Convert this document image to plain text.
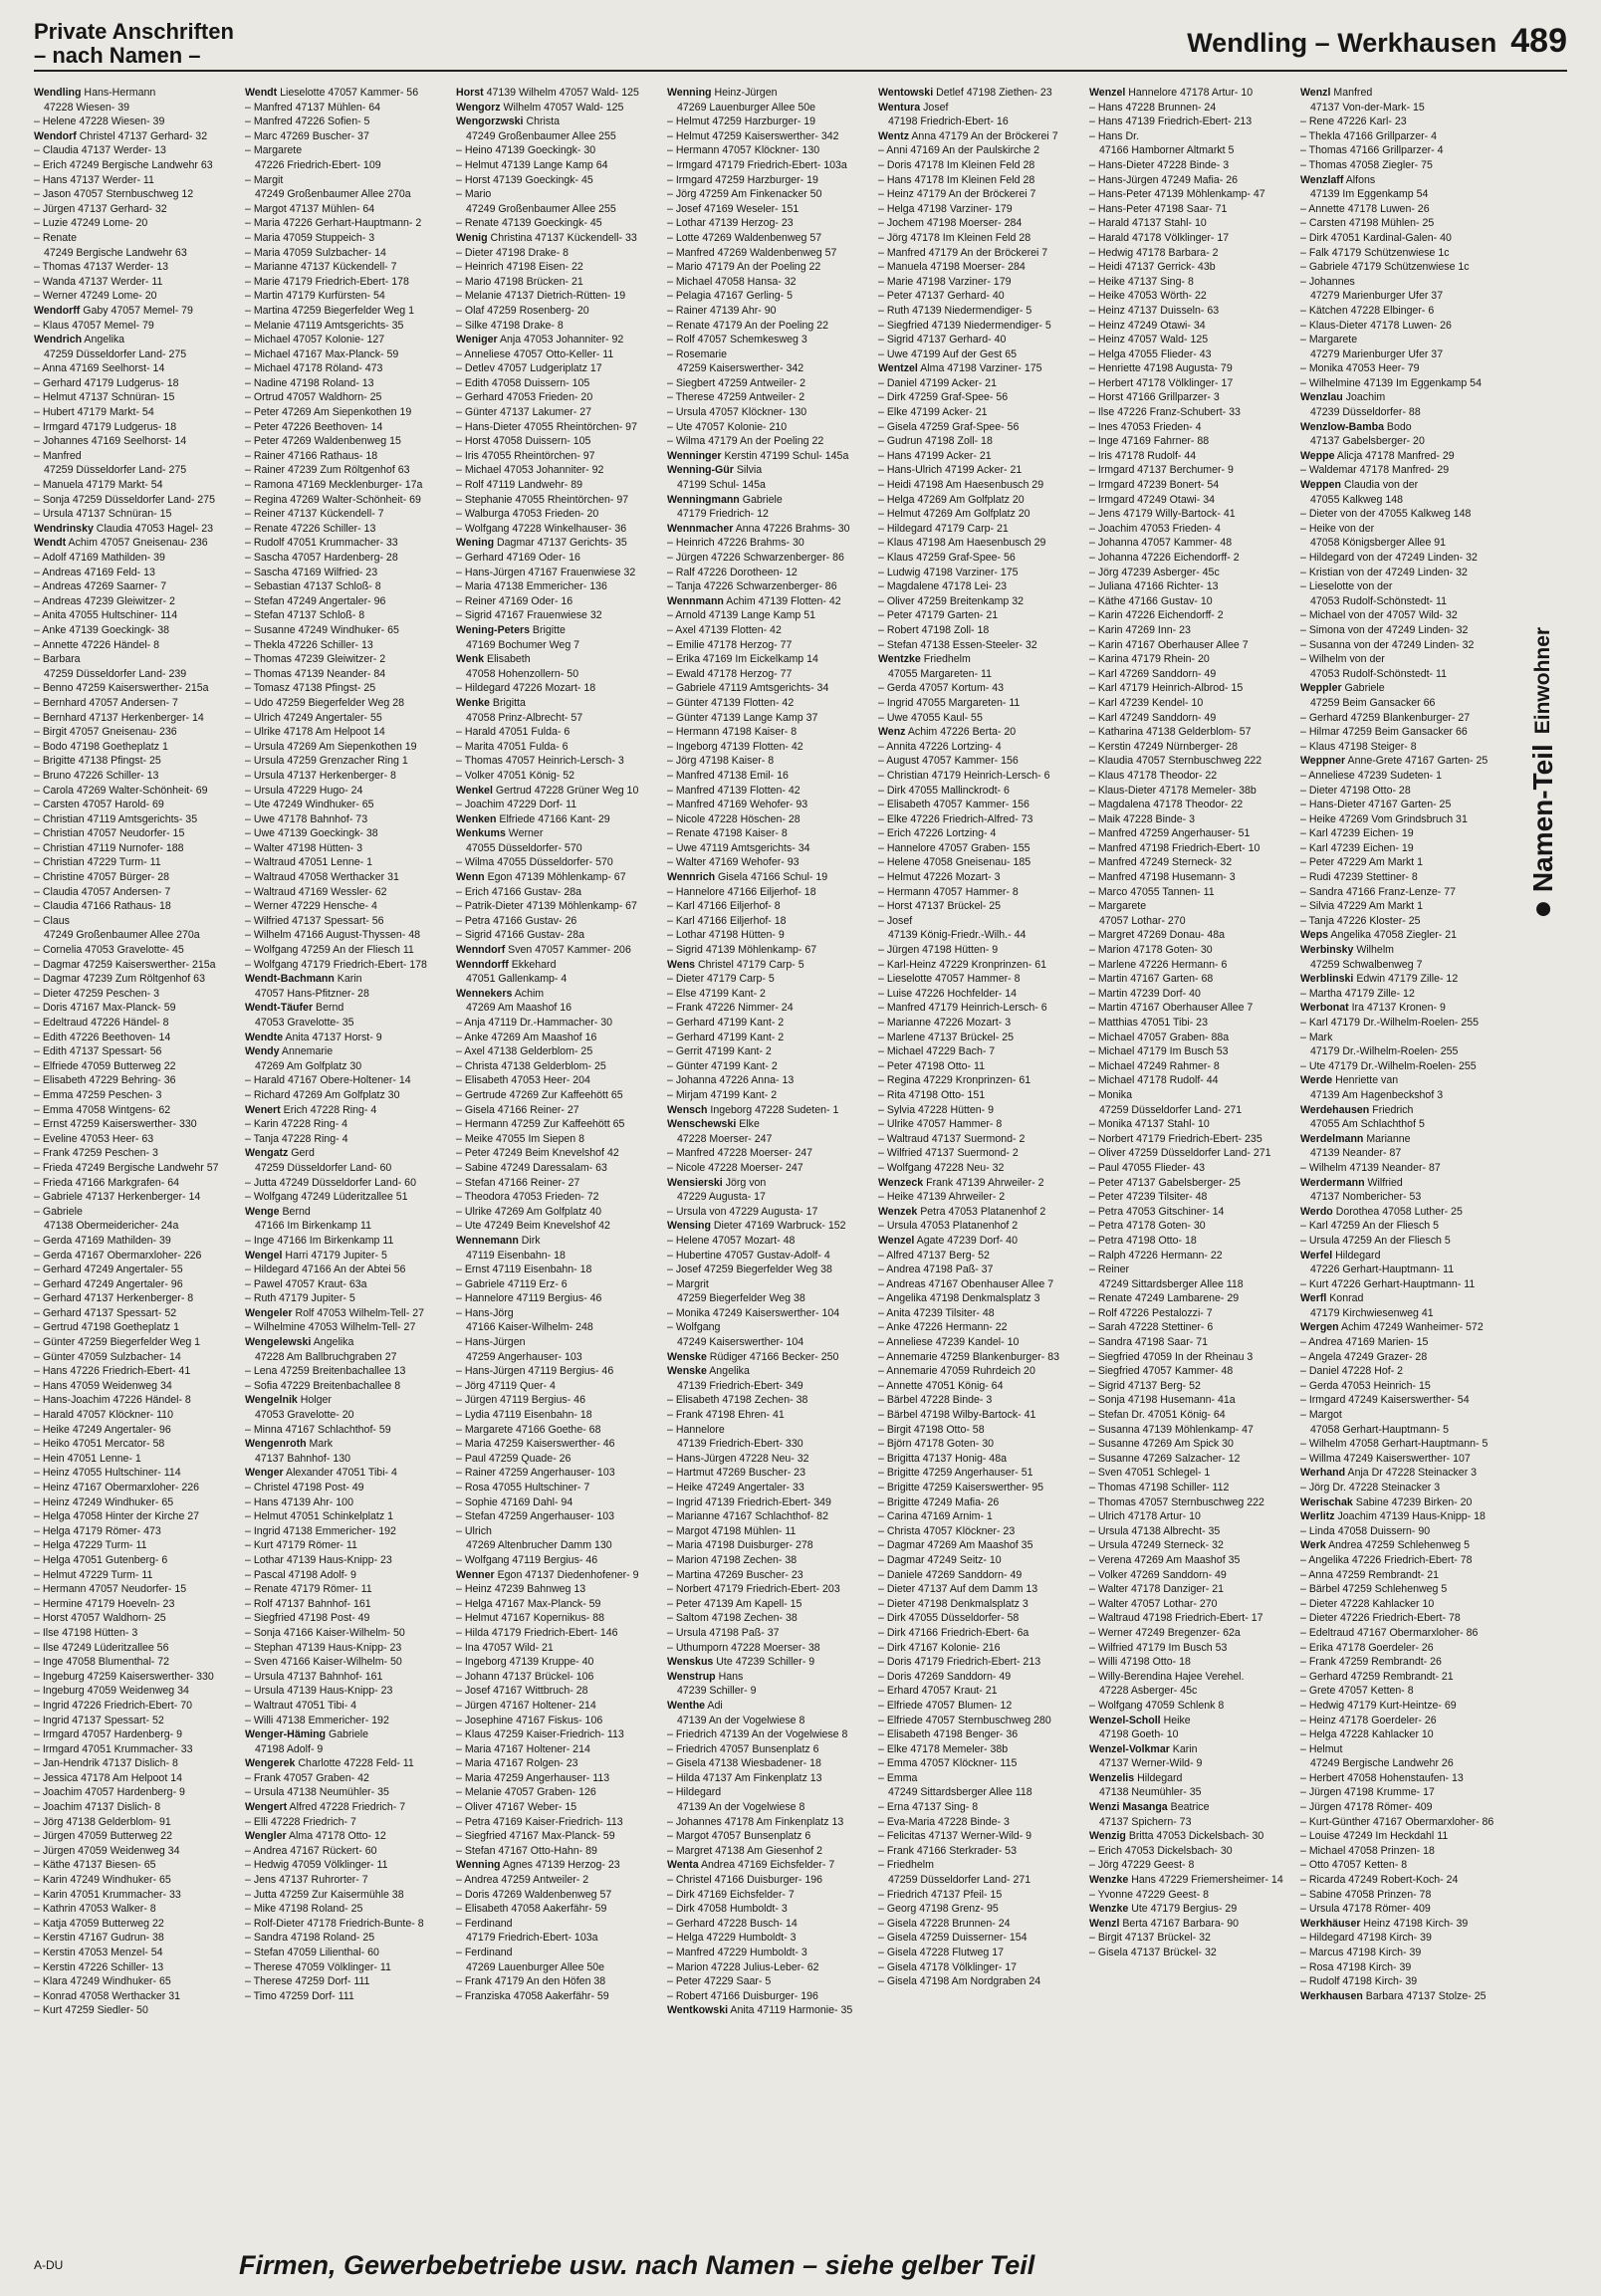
Private Anschriften
– nach Namen –	Wendling – Werkhausen 489
Wendling Hans-Hermann
47228 Wiesen- 39
– Helene 47228 Wiesen- 39
Wendorf Christel 47137 Gerhard- 32
– Claudia 47137 Werder- 13
– Erich 47249 Bergische Landwehr 63
– Hans 47137 Werder- 11
– Jason 47057 Sternbuschweg 12
– Jürgen 47137 Gerhard- 32
– Luzie 47249 Lome- 20
– Renate
47249 Bergische Landwehr 63
– Thomas 47137 Werder- 13
– Wanda 47137 Werder- 11
– Werner 47249 Lome- 20
Wendorff Gaby 47057 Memel- 79
– Klaus 47057 Memel- 79
Wendrich Angelika
47259 Düsseldorfer Land- 275
– Anna 47169 Seelhorst- 14
– Gerhard 47179 Ludgerus- 18
– Helmut 47137 Schnüran- 15
– Hubert 47179 Markt- 54
– Irmgard 47179 Ludgerus- 18
– Johannes 47169 Seelhorst- 14
– Manfred
47259 Düsseldorfer Land- 275
– Manuela 47179 Markt- 54
– Sonja 47259 Düsseldorfer Land- 275
– Ursula 47137 Schnüran- 15
Wendrinsky Claudia 47053 Hagel- 23
Wendt Achim 47057 Gneisenau- 236
– Adolf 47169 Mathilden- 39
– Andreas 47169 Feld- 13
– Andreas 47269 Saarner- 7
– Andreas 47239 Gleiwitzer- 2
– Anita 47055 Hultschiner- 114
– Anke 47139 Goeckingk- 38
– Annette 47226 Händel- 8
– Barbara
47259 Düsseldorfer Land- 239
– Benno 47259 Kaiserswerther- 215a
– Bernhard 47057 Andersen- 7
– Bernhard 47137 Herkenberger- 14
– Birgit 47057 Gneisenau- 236
– Bodo 47198 Goetheplatz 1
– Brigitte 47138 Pfingst- 25
– Bruno 47226 Schiller- 13
– Carola 47269 Walter-Schönheit- 69
– Carsten 47057 Harold- 69
– Christian 47119 Amtsgerichts- 35
– Christian 47057 Neudorfer- 15
– Christian 47119 Nurnofer- 188
– Christian 47229 Turm- 11
– Christine 47057 Bürger- 28
– Claudia 47057 Andersen- 7
– Claudia 47166 Rathaus- 18
– Claus
47249 Großenbaumer Allee 270a
– Cornelia 47053 Gravelotte- 45
– Dagmar 47259 Kaiserswerther- 215a
– Dagmar 47239 Zum Röltgenhof 63
– Dieter 47259 Peschen- 3
– Doris 47167 Max-Planck- 59
– Edeltraud 47226 Händel- 8
– Edith 47226 Beethoven- 14
– Edith 47137 Spessart- 56
– Elfriede 47059 Butterweg 22
– Elisabeth 47229 Behring- 36
– Emma 47259 Peschen- 3
– Emma 47058 Wintgens- 62
– Ernst 47259 Kaiserswerther- 330
– Eveline 47053 Heer- 63
– Frank 47259 Peschen- 3
– Frieda 47249 Bergische Landwehr 57
– Frieda 47166 Markgrafen- 64
– Gabriele 47137 Herkenberger- 14
– Gabriele
47138 Obermeidericher- 24a
– Gerda 47169 Mathilden- 39
– Gerda 47167 Obermarxloher- 226
– Gerhard 47249 Angertaler- 55
– Gerhard 47249 Angertaler- 96
– Gerhard 47137 Herkenberger- 8
– Gerhard 47137 Spessart- 52
– Gertrud 47198 Goetheplatz 1
– Günter 47259 Biegerfelder Weg 1
– Günter 47059 Sulzbacher- 14
– Hans 47226 Friedrich-Ebert- 41
– Hans 47059 Weidenweg 34
– Hans-Joachim 47226 Händel- 8
– Harald 47057 Klöckner- 110
– Heike 47249 Angertaler- 96
– Heiko 47051 Mercator- 58
– Hein 47051 Lenne- 1
– Heinz 47055 Hultschiner- 114
– Heinz 47167 Obermarxloher- 226
– Heinz 47249 Windhuker- 65
– Helga 47058 Hinter der Kirche 27
– Helga 47179 Römer- 473
– Helga 47229 Turm- 11
– Helga 47051 Gutenberg- 6
– Helmut 47229 Turm- 11
– Hermann 47057 Neudorfer- 15
– Hermine 47179 Hoeveln- 23
– Horst 47057 Waldhorn- 25
– Ilse 47198 Hütten- 3
– Ilse 47249 Lüderitzallee 56
– Inge 47058 Blumenthal- 72
– Ingeburg 47259 Kaiserswerther- 330
– Ingeburg 47059 Weidenweg 34
– Ingrid 47226 Friedrich-Ebert- 70
– Ingrid 47137 Spessart- 52
– Irmgard 47057 Hardenberg- 9
– Irmgard 47051 Krummacher- 33
– Jan-Hendrik 47137 Dislich- 8
– Jessica 47178 Am Helpoot 14
– Joachim 47057 Hardenberg- 9
– Joachim 47137 Dislich- 8
– Jörg 47138 Gelderblom- 91
– Jürgen 47059 Butterweg 22
– Jürgen 47059 Weidenweg 34
– Käthe 47137 Biesen- 65
– Karin 47249 Windhuker- 65
– Karin 47051 Krummacher- 33
– Kathrin 47053 Walker- 8
– Katja 47059 Butterweg 22
– Kerstin 47167 Gudrun- 38
– Kerstin 47053 Menzel- 54
– Kerstin 47226 Schiller- 13
– Klara 47249 Windhuker- 65
– Konrad 47058 Werthacker 31
– Kurt 47259 Siedler- 50
Wendt Lieselotte 47057 Kammer- 56
– Manfred 47137 Mühlen- 64
– Manfred 47226 Sofien- 5
– Marc 47269 Buscher- 37
– Margarete
47226 Friedrich-Ebert- 109
– Margit
47249 Großenbaumer Allee 270a
– Margot 47137 Mühlen- 64
– Maria 47226 Gerhart-Hauptmann- 2
– Maria 47059 Stuppeich- 3
– Maria 47059 Sulzbacher- 14
– Marianne 47137 Kückendell- 7
– Marie 47179 Friedrich-Ebert- 178
– Martin 47179 Kurfürsten- 54
– Martina 47259 Biegerfelder Weg 1
– Melanie 47119 Amtsgerichts- 35
– Michael 47057 Kolonie- 127
– Michael 47167 Max-Planck- 59
– Michael 47178 Röland- 473
– Nadine 47198 Roland- 13
– Ortrud 47057 Waldhorn- 25
– Peter 47269 Am Siepenkothen 19
– Peter 47226 Beethoven- 14
– Peter 47269 Waldenbenweg 15
– Rainer 47166 Rathaus- 18
– Rainer 47239 Zum Röltgenhof 63
– Ramona 47169 Mecklenburger- 17a
– Regina 47269 Walter-Schönheit- 69
– Reiner 47137 Kückendell- 7
– Renate 47226 Schiller- 13
– Rudolf 47051 Krummacher- 33
– Sascha 47057 Hardenberg- 28
– Sascha 47169 Wilfried- 23
– Sebastian 47137 Schloß- 8
– Stefan 47249 Angertaler- 96
– Stefan 47137 Schloß- 8
– Susanne 47249 Windhuker- 65
– Thekla 47226 Schiller- 13
– Thomas 47239 Gleiwitzer- 2
– Thomas 47139 Neander- 84
– Tomasz 47138 Pfingst- 25
– Udo 47259 Biegerfelder Weg 28
– Ulrich 47249 Angertaler- 55
– Ulrike 47178 Am Helpoot 14
– Ursula 47269 Am Siepenkothen 19
– Ursula 47259 Grenzacher Ring 1
– Ursula 47137 Herkenberger- 8
– Ursula 47229 Hugo- 24
– Ute 47249 Windhuker- 65
– Uwe 47178 Bahnhof- 73
– Uwe 47139 Goeckingk- 38
– Walter 47198 Hütten- 3
– Waltraud 47051 Lenne- 1
– Waltraud 47058 Werthacker 31
– Waltraud 47169 Wessler- 62
– Werner 47229 Hensche- 4
– Wilfried 47137 Spessart- 56
– Wilhelm 47166 August-Thyssen- 48
– Wolfgang 47259 An der Fliesch 11
– Wolfgang 47179 Friedrich-Ebert- 178
Wendt-Bachmann Karin
47057 Hans-Pfitzner- 28
Wendt-Täufer Bernd
47053 Gravelotte- 35
Wendte Anita 47137 Horst- 9
Wendy Annemarie
47269 Am Golfplatz 30
– Harald 47167 Obere-Holtener- 14
– Richard 47269 Am Golfplatz 30
Wenert Erich 47228 Ring- 4
– Karin 47228 Ring- 4
– Tanja 47228 Ring- 4
Wengatz Gerd
47259 Düsseldorfer Land- 60
– Jutta 47249 Düsseldorfer Land- 60
– Wolfgang 47249 Lüderitzallee 51
Wenge Bernd
47166 Im Birkenkamp 11
– Inge 47166 Im Birkenkamp 11
Wengel Harri 47179 Jupiter- 5
– Hildegard 47166 An der Abtei 56
– Pawel 47057 Kraut- 63a
– Ruth 47179 Jupiter- 5
Wengeler Rolf 47053 Wilhelm-Tell- 27
– Wilhelmine 47053 Wilhelm-Tell- 27
Wengelewski Angelika
47228 Am Ballbruchgraben 27
– Lena 47259 Breitenbachallee 13
– Sofia 47229 Breitenbachallee 8
Wengelnik Holger
47053 Gravelotte- 20
– Minna 47167 Schlachthof- 59
Wengenroth Mark
47137 Bahnhof- 130
Wenger Alexander 47051 Tibi- 4
– Christel 47198 Post- 49
– Hans 47139 Ahr- 100
– Helmut 47051 Schinkelplatz 1
– Ingrid 47138 Emmericher- 192
– Kurt 47179 Römer- 11
– Lothar 47139 Haus-Knipp- 23
– Pascal 47198 Adolf- 9
– Renate 47179 Römer- 11
– Rolf 47137 Bahnhof- 161
– Siegfried 47198 Post- 49
– Sonja 47166 Kaiser-Wilhelm- 50
– Stephan 47139 Haus-Knipp- 23
– Sven 47166 Kaiser-Wilhelm- 50
– Ursula 47137 Bahnhof- 161
– Ursula 47139 Haus-Knipp- 23
– Waltraut 47051 Tibi- 4
– Willi 47138 Emmericher- 192
Wenger-Häming Gabriele
47198 Adolf- 9
Wengerek Charlotte 47228 Feld- 11
– Frank 47057 Graben- 42
– Ursula 47138 Neumühler- 35
Wengert Alfred 47228 Friedrich- 7
– Elli 47228 Friedrich- 7
Wengler Alma 47178 Otto- 12
– Andrea 47167 Rückert- 60
– Hedwig 47059 Völklinger- 11
– Jens 47137 Ruhrorter- 7
– Jutta 47259 Zur Kaisermühle 38
– Mike 47198 Roland- 25
– Rolf-Dieter 47178 Friedrich-Bunte- 8
– Sandra 47198 Roland- 25
– Stefan 47059 Lilienthal- 60
– Therese 47059 Völklinger- 11
– Theresе 47259 Dorf- 111
– Timo 47259 Dorf- 111
Horst 47139 Wilhelm 47057 Wald- 125
Wengorz Wilhelm 47057 Wald- 125
Wengorzwski Christa
47249 Großenbaumer Allee 255
– Heino 47139 Goeckingk- 30
– Helmut 47139 Lange Kamp 64
– Horst 47139 Goeckingk- 45
– Mario
47249 Großenbaumer Allee 255
– Renate 47139 Goeckingk- 45
Wenig Christina 47137 Kückendell- 33
– Dieter 47198 Drake- 8
– Heinrich 47198 Eisen- 22
– Mario 47198 Brücken- 21
– Melanie 47137 Dietrich-Rütten- 19
– Olaf 47259 Rosenberg- 20
– Silke 47198 Drake- 8
Weniger Anja 47053 Johanniter- 92
– Anneliese 47057 Otto-Keller- 11
– Detlev 47057 Ludgeriplatz 17
– Edith 47058 Duissern- 105
– Gerhard 47053 Frieden- 20
– Günter 47137 Lakumer- 27
– Hans-Dieter 47055 Rheintörchen- 97
– Horst 47058 Duissern- 105
– Iris 47055 Rheintörchen- 97
– Michael 47053 Johanniter- 92
– Rolf 47119 Landwehr- 89
– Stephanie 47055 Rheintörchen- 97
– Walburga 47053 Frieden- 20
– Wolfgang 47228 Winkelhauser- 36
Wening Dagmar 47137 Gerichts- 35
– Gerhard 47169 Oder- 16
– Hans-Jürgen 47167 Frauenwiese 32
– Maria 47138 Emmericher- 136
– Reiner 47169 Oder- 16
– Sigrid 47167 Frauenwiese 32
Wening-Peters Brigitte
47169 Bochumer Weg 7
Wenk Elisabeth
47058 Hohenzollern- 50
– Hildegard 47226 Mozart- 18
Wenke Brigitta
47058 Prinz-Albrecht- 57
– Harald 47051 Fulda- 6
– Marita 47051 Fulda- 6
– Thomas 47057 Heinrich-Lersch- 3
– Volker 47051 König- 52
Wenkel Gertrud 47228 Grüner Weg 10
– Joachim 47229 Dorf- 11
Wenken Elfriede 47166 Kant- 29
Wenkums Werner
47055 Düsseldorfer- 570
– Wilma 47055 Düsseldorfer- 570
Wenn Egon 47139 Möhlenkamp- 67
– Erich 47166 Gustav- 28a
– Patrik-Dieter 47139 Möhlenkamp- 67
– Petra 47166 Gustav- 26
– Sigrid 47166 Gustav- 28a
Wenndorf Sven 47057 Kammer- 206
Wenndorff Ekkehard
47051 Gallenkamp- 4
Wennekers Achim
47269 Am Maashof 16
– Anja 47119 Dr.-Hammacher- 30
– Anke 47269 Am Maashof 16
– Axel 47138 Gelderblom- 25
– Christa 47138 Gelderblom- 25
– Elisabeth 47053 Heer- 204
– Gertrude 47269 Zur Kaffeehött 65
– Gisela 47166 Reiner- 27
– Hermann 47259 Zur Kaffeehött 65
– Meike 47055 Im Siepen 8
– Peter 47249 Beim Knevelshof 42
– Sabine 47249 Daressalam- 63
– Stefan 47166 Reiner- 27
– Theodora 47053 Frieden- 72
– Ulrike 47269 Am Golfplatz 40
– Ute 47249 Beim Knevelshof 42
Wennemann Dirk
47119 Eisenbahn- 18
– Ernst 47119 Eisenbahn- 18
– Gabriele 47119 Erz- 6
– Hannelore 47119 Bergius- 46
– Hans-Jörg
47166 Kaiser-Wilhelm- 248
– Hans-Jürgen
47259 Angerhauser- 103
– Hans-Jürgen 47119 Bergius- 46
– Jörg 47119 Quer- 4
– Jürgen 47119 Bergius- 46
– Lydia 47119 Eisenbahn- 18
– Margarete 47166 Goethe- 68
– Maria 47259 Kaiserswerther- 46
– Paul 47259 Quade- 26
– Rainer 47259 Angerhauser- 103
– Rosa 47055 Hultschiner- 7
– Sophie 47169 Dahl- 94
– Stefan 47259 Angerhauser- 103
– Ulrich
47269 Altenbrucher Damm 130
– Wolfgang 47119 Bergius- 46
Wenner Egon 47137 Diedenhofener- 9
– Heinz 47239 Bahnweg 13
– Helga 47167 Max-Planck- 59
– Helmut 47167 Kopernikus- 88
– Hilda 47179 Friedrich-Ebert- 146
– Ina 47057 Wild- 21
– Ingeborg 47139 Kruppe- 40
– Johann 47137 Brückel- 106
– Josef 47167 Wittbruch- 28
– Jürgen 47167 Holtener- 214
– Josephine 47167 Fiskus- 106
– Klaus 47259 Kaiser-Friedrich- 113
– Maria 47167 Holtener- 214
– Maria 47167 Rolgen- 23
– Maria 47259 Angerhauser- 113
– Melanie 47057 Graben- 126
– Oliver 47167 Weber- 15
– Petra 47169 Kaiser-Friedrich- 113
– Siegfried 47167 Max-Planck- 59
– Stefan 47167 Otto-Hahn- 89
Wenning Agnes 47139 Herzog- 23
– Andrea 47259 Antweiler- 2
– Doris 47269 Waldenbenweg 57
– Elisabeth 47058 Aakerfähr- 59
– Ferdinand
47179 Friedrich-Ebert- 103a
– Ferdinand
47269 Lauenburger Allee 50e
– Frank 47179 An den Höfen 38
– Franziska 47058 Aakerfähr- 59
Wenning Heinz-Jürgen
47269 Lauenburger Allee 50e
– Helmut 47259 Harzburger- 19
– Helmut 47259 Kaiserswerther- 342
– Hermann 47057 Klöckner- 130
– Irmgard 47179 Friedrich-Ebert- 103a
– Irmgard 47259 Harzburger- 19
– Jörg 47259 Am Finkenacker 50
– Josef 47169 Weseler- 151
– Lothar 47139 Herzog- 23
– Lotte 47269 Waldenbenweg 57
– Manfred 47269 Waldenbenweg 57
– Mario 47179 An der Poeling 22
– Michael 47058 Hansa- 32
– Pelagia 47167 Gerling- 5
– Rainer 47139 Ahr- 90
– Renate 47179 An der Poeling 22
– Rolf 47057 Schemkesweg 3
– Rosemarie
47259 Kaiserswerther- 342
– Siegbert 47259 Antweiler- 2
– Therese 47259 Antweiler- 2
– Ursula 47057 Klöckner- 130
– Ute 47057 Kolonie- 210
– Wilma 47179 An der Poeling 22
Wenninger Kerstin 47199 Schul- 145a
Wenning-Gür Silvia
47199 Schul- 145a
Wenningmann Gabriele
47179 Friedrich- 12
Wennmacher Anna 47226 Brahms- 30
– Heinrich 47226 Brahms- 30
– Jürgen 47226 Schwarzenberger- 86
– Ralf 47226 Dorotheen- 12
– Tanja 47226 Schwarzenberger- 86
Wennmann Achim 47139 Flotten- 42
– Arnold 47139 Lange Kamp 51
– Axel 47139 Flotten- 42
– Emilie 47178 Herzog- 77
– Erika 47169 Im Eickelkamp 14
– Ewald 47178 Herzog- 77
– Gabriele 47119 Amtsgerichts- 34
– Günter 47139 Flotten- 42
– Günter 47139 Lange Kamp 37
– Hermann 47198 Kaiser- 8
– Ingeborg 47139 Flotten- 42
– Jörg 47198 Kaiser- 8
– Manfred 47138 Emil- 16
– Manfred 47139 Flotten- 42
– Manfred 47169 Wehofer- 93
– Nicole 47228 Höschen- 28
– Renate 47198 Kaiser- 8
– Uwe 47119 Amtsgerichts- 34
– Walter 47169 Wehofer- 93
Wennrich Gisela 47166 Schul- 19
– Hannelore 47166 Eiljerhof- 18
– Karl 47166 Eiljerhof- 8
– Karl 47166 Eiljerhof- 18
– Lothar 47198 Hütten- 9
– Sigrid 47139 Möhlenkamp- 67
Wens Christel 47179 Carp- 5
– Dieter 47179 Carp- 5
– Else 47199 Kant- 2
– Frank 47226 Nimmer- 24
– Gerhard 47199 Kant- 2
– Gerhard 47199 Kant- 2
– Gerrit 47199 Kant- 2
– Günter 47199 Kant- 2
– Johanna 47226 Anna- 13
– Mirjam 47199 Kant- 2
Wensch Ingeborg 47228 Sudeten- 1
Wenschewski Elke
47228 Moerser- 247
– Manfred 47228 Moerser- 247
– Nicole 47228 Moerser- 247
Wensierski Jörg von
47229 Augusta- 17
– Ursula von 47229 Augusta- 17
Wensing Dieter 47169 Warbruck- 152
– Helene 47057 Mozart- 48
– Hubertine 47057 Gustav-Adolf- 4
– Josef 47259 Biegerfelder Weg 38
– Margrit
47259 Biegerfelder Weg 38
– Monika 47249 Kaiserswerther- 104
– Wolfgang
47249 Kaiserswerther- 104
Wenske Rüdiger 47166 Becker- 250
Wenske Angelika
47139 Friedrich-Ebert- 349
– Elisabeth 47198 Zechen- 38
– Frank 47198 Ehren- 41
– Hannelore
47139 Friedrich-Ebert- 330
– Hans-Jürgen 47228 Neu- 32
– Hartmut 47269 Buscher- 23
– Heike 47249 Angertaler- 33
– Ingrid 47139 Friedrich-Ebert- 349
– Marianne 47167 Schlachthof- 82
– Margot 47198 Mühlen- 11
– Maria 47198 Duisburger- 278
– Marion 47198 Zechen- 38
– Martina 47269 Buscher- 23
– Norbert 47179 Friedrich-Ebert- 203
– Peter 47139 Am Kapell- 15
– Saltom 47198 Zechen- 38
– Ursula 47198 Paß- 37
– Uthumporn 47228 Moerser- 38
Wenskus Ute 47239 Schiller- 9
Wenstrup Hans
47239 Schiller- 9
Wenthe Adi
47139 An der Vogelwiese 8
– Friedrich 47139 An der Vogelwiese 8
– Friedrich 47057 Bunsenplatz 6
– Gisela 47138 Wiesbadener- 18
– Hilda 47137 Am Finkenplatz 13
– Hildegard
47139 An der Vogelwiese 8
– Johannes 47178 Am Finkenplatz 13
– Margot 47057 Bunsenplatz 6
– Margret 47138 Am Giesenhof 2
Wenta Andrea 47169 Eichsfelder- 7
– Christel 47166 Duisburger- 196
– Dirk 47169 Eichsfelder- 7
– Dirk 47058 Humboldt- 3
– Gerhard 47228 Busch- 14
– Helga 47229 Humboldt- 3
– Manfred 47229 Humboldt- 3
– Marion 47228 Julius-Leber- 62
– Peter 47229 Saar- 5
– Robert 47166 Duisburger- 196
Wentkowski Anita 47119 Harmonie- 35
Wentowski Detlef 47198 Ziethen- 23
Wentura Josef
47198 Friedrich-Ebert- 16
Wentz Anna 47179 An der Bröckerei 7
– Anni 47169 An der Paulskirche 2
– Doris 47178 Im Kleinen Feld 28
– Hans 47178 Im Kleinen Feld 28
– Heinz 47179 An der Bröckerei 7
– Helga 47198 Varziner- 179
– Jochem 47198 Moerser- 284
– Jörg 47178 Im Kleinen Feld 28
– Manfred 47179 An der Bröckerei 7
– Manuela 47198 Moerser- 284
– Marie 47198 Varziner- 179
– Peter 47137 Gerhard- 40
– Ruth 47139 Niedermendiger- 5
– Siegfried 47139 Niedermendiger- 5
– Sigrid 47137 Gerhard- 40
– Uwe 47199 Auf der Gest 65
Wentzel Alma 47198 Varziner- 175
– Daniel 47199 Acker- 21
– Dirk 47259 Graf-Spee- 56
– Elke 47199 Acker- 21
– Gisela 47259 Graf-Spee- 56
– Gudrun 47198 Zoll- 18
– Hans 47199 Acker- 21
– Hans-Ulrich 47199 Acker- 21
– Heidi 47198 Am Haesenbusch 29
– Helga 47269 Am Golfplatz 20
– Helmut 47269 Am Golfplatz 20
– Hildegard 47179 Carp- 21
– Klaus 47198 Am Haesenbusch 29
– Klaus 47259 Graf-Spee- 56
– Ludwig 47198 Varziner- 175
– Magdalene 47178 Lei- 23
– Oliver 47259 Breitenkamp 32
– Peter 47179 Garten- 21
– Robert 47198 Zoll- 18
– Stefan 47138 Essen-Steeler- 32
Wentzke Friedhelm
47055 Margareten- 11
– Gerda 47057 Kortum- 43
– Ingrid 47055 Margareten- 11
– Uwe 47055 Kaul- 55
Wenz Achim 47226 Berta- 20
– Annita 47226 Lortzing- 4
– August 47057 Kammer- 156
– Christian 47179 Heinrich-Lersch- 6
– Dirk 47055 Mallinckrodt- 6
– Elisabeth 47057 Kammer- 156
– Elke 47226 Friedrich-Alfred- 73
– Erich 47226 Lortzing- 4
– Hannelore 47057 Graben- 155
– Helene 47058 Gneisenau- 185
– Helmut 47226 Mozart- 3
– Hermann 47057 Hammer- 8
– Horst 47137 Brückel- 25
– Josef
47139 König-Friedr.-Wilh.- 44
– Jürgen 47198 Hütten- 9
– Karl-Heinz 47229 Kronprinzen- 61
– Lieselotte 47057 Hammer- 8
– Luise 47226 Hochfelder- 14
– Manfred 47179 Heinrich-Lersch- 6
– Marianne 47226 Mozart- 3
– Marlene 47137 Brückel- 25
– Michael 47229 Bach- 7
– Peter 47198 Otto- 11
– Regina 47229 Kronprinzen- 61
– Rita 47198 Otto- 151
– Sylvia 47228 Hütten- 9
– Ulrike 47057 Hammer- 8
– Waltraud 47137 Suermond- 2
– Wilfried 47137 Suermond- 2
– Wolfgang 47228 Neu- 32
Wenzeck Frank 47139 Ahrweiler- 2
– Heike 47139 Ahrweiler- 2
Wenzek Petra 47053 Platanenhof 2
– Ursula 47053 Platanenhof 2
Wenzel Agate 47239 Dorf- 40
– Alfred 47137 Berg- 52
– Andrea 47198 Paß- 37
– Andreas 47167 Obenhauser Allee 7
– Angelika 47198 Denkmalsplatz 3
– Anita 47239 Tilsiter- 48
– Anke 47226 Hermann- 22
– Anneliese 47239 Kandel- 10
– Annemarie 47259 Blankenburger- 83
– Annemarie 47059 Ruhrdeich 20
– Annette 47051 König- 64
– Bärbel 47228 Binde- 3
– Bärbel 47198 Wilby-Bartock- 41
– Birgit 47198 Otto- 58
– Björn 47178 Goten- 30
– Brigitta 47137 Honig- 48a
– Brigitte 47259 Angerhauser- 51
– Brigitte 47259 Kaiserswerther- 95
– Brigitte 47249 Mafia- 26
– Carina 47169 Arnim- 1
– Christa 47057 Klöckner- 23
– Dagmar 47269 Am Maashof 35
– Dagmar 47249 Seitz- 10
– Daniele 47269 Sanddorn- 49
– Dieter 47137 Auf dem Damm 13
– Dieter 47198 Denkmalsplatz 3
– Dirk 47055 Düsseldorfer- 58
– Dirk 47166 Friedrich-Ebert- 6a
– Dirk 47167 Kolonie- 216
– Doris 47179 Friedrich-Ebert- 213
– Doris 47269 Sanddorn- 49
– Erhard 47057 Kraut- 21
– Elfriede 47057 Blumen- 12
– Elfriede 47057 Sternbuschweg 280
– Elisabeth 47198 Benger- 36
– Elke 47178 Memeler- 38b
– Emma 47057 Klöckner- 115
– Emma
47249 Sittardsberger Allee 118
– Erna 47137 Sing- 8
– Eva-Maria 47228 Binde- 3
– Felicitas 47137 Werner-Wild- 9
– Frank 47166 Sterkrader- 53
– Friedhelm
47259 Düsseldorfer Land- 271
– Friedrich 47137 Pfeil- 15
– Georg 47198 Grenz- 95
– Gisela 47228 Brunnen- 24
– Gisela 47259 Duisserner- 154
– Gisela 47228 Flutweg 17
– Gisela 47178 Völklinger- 17
– Gisela 47198 Am Nordgraben 24
Wenzel Hannelore 47178 Artur- 10
– Hans 47228 Brunnen- 24
– Hans 47139 Friedrich-Ebert- 213
– Hans Dr.
47166 Hamborner Altmarkt 5
– Hans-Dieter 47228 Binde- 3
– Hans-Jürgen 47249 Mafia- 26
– Hans-Peter 47139 Möhlenkamp- 47
– Hans-Peter 47198 Saar- 71
– Harald 47137 Stahl- 10
– Harald 47178 Völklinger- 17
– Hedwig 47178 Barbara- 2
– Heidi 47137 Gerrick- 43b
– Heike 47137 Sing- 8
– Heike 47053 Wörth- 22
– Heinz 47137 Duisseln- 63
– Heinz 47249 Otawi- 34
– Heinz 47057 Wald- 125
– Helga 47055 Flieder- 43
– Henriette 47198 Augusta- 79
– Herbert 47178 Völklinger- 17
– Horst 47166 Grillparzer- 3
– Ilse 47226 Franz-Schubert- 33
– Ines 47053 Frieden- 4
– Inge 47169 Fahrner- 88
– Iris 47178 Rudolf- 44
– Irmgard 47137 Berchumer- 9
– Irmgard 47239 Bonert- 54
– Irmgard 47249 Otawi- 34
– Jens 47179 Willy-Bartock- 41
– Joachim 47053 Frieden- 4
– Johanna 47057 Kammer- 48
– Johanna 47226 Eichendorff- 2
– Jörg 47239 Asberger- 45c
– Juliana 47166 Richter- 13
– Käthe 47166 Gustav- 10
– Karin 47226 Eichendorff- 2
– Karin 47269 Inn- 23
– Karin 47167 Oberhauser Allee 7
– Karina 47179 Rhein- 20
– Karl 47269 Sanddorn- 49
– Karl 47179 Heinrich-Albrod- 15
– Karl 47239 Kendel- 10
– Karl 47249 Sanddorn- 49
– Katharina 47138 Gelderblom- 57
– Kerstin 47249 Nürnberger- 28
– Klaudia 47057 Sternbuschweg 222
– Klaus 47178 Theodor- 22
– Klaus-Dieter 47178 Memeler- 38b
– Magdalena 47178 Theodor- 22
– Maik 47228 Binde- 3
– Manfred 47259 Angerhauser- 51
– Manfred 47198 Friedrich-Ebert- 10
– Manfred 47249 Sterneck- 32
– Manfred 47198 Husemann- 3
– Marco 47055 Tannen- 11
– Margarete
47057 Lothar- 270
– Margret 47269 Donau- 48a
– Marion 47178 Goten- 30
– Marlene 47226 Hermann- 6
– Martin 47167 Garten- 68
– Martin 47239 Dorf- 40
– Martin 47167 Oberhauser Allee 7
– Matthias 47051 Tibi- 23
– Michael 47057 Graben- 88a
– Michael 47179 Im Busch 53
– Michael 47249 Rahmer- 8
– Michael 47178 Rudolf- 44
– Monika
47259 Düsseldorfer Land- 271
– Monika 47137 Stahl- 10
– Norbert 47179 Friedrich-Ebert- 235
– Oliver 47259 Düsseldorfer Land- 271
– Paul 47055 Flieder- 43
– Peter 47137 Gabelsberger- 25
– Peter 47239 Tilsiter- 48
– Petra 47053 Gitschiner- 14
– Petra 47178 Goten- 30
– Petra 47198 Otto- 18
– Ralph 47226 Hermann- 22
– Reiner
47249 Sittardsberger Allee 118
– Renate 47249 Lambarene- 29
– Rolf 47226 Pestalozzi- 7
– Sarah 47228 Stettiner- 6
– Sandra 47198 Saar- 71
– Siegfried 47059 In der Rheinau 3
– Siegfried 47057 Kammer- 48
– Sigrid 47137 Berg- 52
– Sonja 47198 Husemann- 41a
– Stefan Dr. 47051 König- 64
– Susanna 47139 Möhlenkamp- 47
– Susanne 47269 Am Spick 30
– Susanne 47269 Salzacher- 12
– Sven 47051 Schlegel- 1
– Thomas 47198 Schiller- 112
– Thomas 47057 Sternbuschweg 222
– Ulrich 47178 Artur- 10
– Ursula 47138 Albrecht- 35
– Ursula 47249 Sterneck- 32
– Verena 47269 Am Maashof 35
– Volker 47269 Sanddorn- 49
– Walter 47178 Danziger- 21
– Walter 47057 Lothar- 270
– Waltraud 47198 Friedrich-Ebert- 17
– Werner 47249 Bregenzer- 62a
– Wilfried 47179 Im Busch 53
– Willi 47198 Otto- 18
– Willy-Berendina Hajee Verehel.
47228 Asberger- 45c
– Wolfgang 47059 Schlenk 8
Wenzel-Scholl Heike
47198 Goeth- 10
Wenzel-Volkmar Karin
47137 Werner-Wild- 9
Wenzelis Hildegard
47138 Neumühler- 35
Wenzi Masanga Beatrice
47137 Spichern- 73
Wenzig Britta 47053 Dickelsbach- 30
– Erich 47053 Dickelsbach- 30
– Jörg 47229 Geest- 8
Wenzke Hans 47229 Friemersheimer- 14
– Yvonne 47229 Geest- 8
Wenzke Ute 47179 Bergius- 29
Wenzl Berta 47167 Barbara- 90
– Birgit 47137 Brückel- 32
– Gisela 47137 Brückel- 32
Wenzl Manfred
47137 Von-der-Mark- 15
– Rene 47226 Karl- 23
– Thekla 47166 Grillparzer- 4
– Thomas 47166 Grillparzer- 4
– Thomas 47058 Ziegler- 75
Wenzlaff Alfons
47139 Im Eggenkamp 54
– Annette 47178 Luwen- 26
– Carsten 47198 Mühlen- 25
– Dirk 47051 Kardinal-Galen- 40
– Falk 47179 Schützenwiese 1c
– Gabriele 47179 Schützenwiese 1c
– Johannes
47279 Marienburger Ufer 37
– Kätchen 47228 Elbinger- 6
– Klaus-Dieter 47178 Luwen- 26
– Margarete
47279 Marienburger Ufer 37
– Monika 47053 Heer- 79
– Wilhelmine 47139 Im Eggenkamp 54
Wenzlau Joachim
47239 Düsseldorfer- 88
Wenzlow-Bamba Bodo
47137 Gabelsberger- 20
Weppe Alicja 47178 Manfred- 29
– Waldemar 47178 Manfred- 29
Weppen Claudia von der
47055 Kalkweg 148
– Dieter von der 47055 Kalkweg 148
– Heike von der
47058 Königsberger Allee 91
– Hildegard von der 47249 Linden- 32
– Kristian von der 47249 Linden- 32
– Lieselotte von der
47053 Rudolf-Schönstedt- 11
– Michael von der 47057 Wild- 32
– Simona von der 47249 Linden- 32
– Susanna von der 47249 Linden- 32
– Wilhelm von der
47053 Rudolf-Schönstedt- 11
Weppler Gabriele
47259 Beim Gansacker 66
– Gerhard 47259 Blankenburger- 27
– Hilmar 47259 Beim Gansacker 66
– Klaus 47198 Steiger- 8
Weppner Anne-Grete 47167 Garten- 25
– Anneliese 47239 Sudeten- 1
– Dieter 47198 Otto- 28
– Hans-Dieter 47167 Garten- 25
– Heike 47269 Vom Grindsbruch 31
– Karl 47239 Eichen- 19
– Karl 47239 Eichen- 19
– Peter 47229 Am Markt 1
– Rudi 47239 Stettiner- 8
– Sandra 47166 Franz-Lenze- 77
– Silvia 47229 Am Markt 1
– Tanja 47226 Kloster- 25
Weps Angelika 47058 Ziegler- 21
Werbinsky Wilhelm
47259 Schwalbenweg 7
Werblinski Edwin 47179 Zille- 12
– Martha 47179 Zille- 12
Werbonat Ira 47137 Kronen- 9
– Karl 47179 Dr.-Wilhelm-Roelen- 255
– Mark
47179 Dr.-Wilhelm-Roelen- 255
– Ute 47179 Dr.-Wilhelm-Roelen- 255
Werde Henriette van
47139 Am Hagenbeckshof 3
Werdehausen Friedrich
47055 Am Schlachthof 5
Werdelmann Marianne
47139 Neander- 87
– Wilhelm 47139 Neander- 87
Werdermann Wilfried
47137 Nombericher- 53
Werdo Dorothea 47058 Luther- 25
– Karl 47259 An der Fliesch 5
– Ursula 47259 An der Fliesch 5
Werfel Hildegard
47226 Gerhart-Hauptmann- 11
– Kurt 47226 Gerhart-Hauptmann- 11
Werfl Konrad
47179 Kirchwiesenweg 41
Wergen Achim 47249 Wanheimer- 572
– Andrea 47169 Marien- 15
– Angela 47249 Grazer- 28
– Daniel 47228 Hof- 2
– Gerda 47053 Heinrich- 15
– Irmgard 47249 Kaiserswerther- 54
– Margot
47058 Gerhart-Hauptmann- 5
– Wilhelm 47058 Gerhart-Hauptmann- 5
– Willma 47249 Kaiserswerther- 107
Werhand Anja Dr 47228 Steinacker 3
– Jörg Dr. 47228 Steinacker 3
Werischak Sabine 47239 Birken- 20
Werlitz Joachim 47139 Haus-Knipp- 18
– Linda 47058 Duissern- 90
Werk Andrea 47259 Schlehenweg 5
– Angelika 47226 Friedrich-Ebert- 78
– Anna 47259 Rembrandt- 21
– Bärbel 47259 Schlehenweg 5
– Dieter 47228 Kahlacker 10
– Dieter 47226 Friedrich-Ebert- 78
– Edeltraud 47167 Obermarxloher- 86
– Erika 47178 Goerdeler- 26
– Frank 47259 Rembrandt- 26
– Gerhard 47259 Rembrandt- 21
– Grete 47057 Ketten- 8
– Hedwig 47179 Kurt-Heintze- 69
– Heinz 47178 Goerdeler- 26
– Helga 47228 Kahlacker 10
– Helmut
47249 Bergische Landwehr 26
– Herbert 47058 Hohenstaufen- 13
– Jürgen 47198 Krumme- 17
– Jürgen 47178 Römer- 409
– Kurt-Günther 47167 Obermarxloher- 86
– Louise 47249 Im Heckdahl 11
– Michael 47058 Prinzen- 18
– Otto 47057 Ketten- 8
– Ricarda 47249 Robert-Koch- 24
– Sabine 47058 Prinzen- 78
– Ursula 47178 Römer- 409
Werkhäuser Heinz 47198 Kirch- 39
– Hildegard 47198 Kirch- 39
– Marcus 47198 Kirch- 39
– Rosa 47198 Kirch- 39
– Rudolf 47198 Kirch- 39
Werkhausen Barbara 47137 Stolze- 25
Namen-Teil
Einwohner
A-DU	Firmen, Gewerbebetriebe usw. nach Namen – siehe gelber Teil
